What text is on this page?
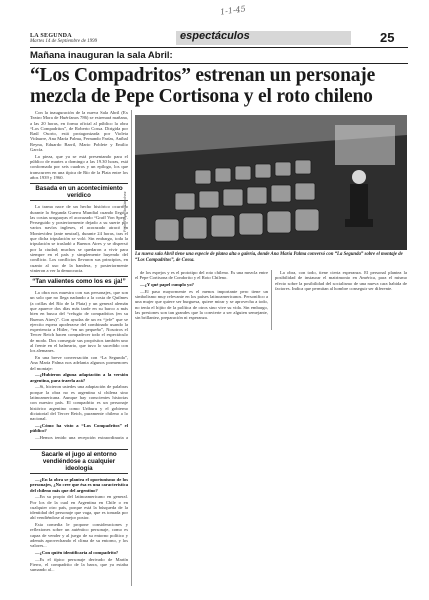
1-1-45
LA SEGUNDA
Martes 14 de Septiembre de 1999	espectáculos	25
Mañana inauguran la sala Abril:
“Los Compadritos” estrenan un personaje
mezcla de Pepe Cortisona y el roto chileno

Con la inauguración de la nueva Sala Abril (Ex Teatro Mora de Huérfanos 786) se estrenará mañana, a las 20 horas, en forma oficial al público la obra “Los Compadritos”, de Roberto Cossa. Dirigida por Raúl Osorio, está protagonizada por Violeta Vidaurre, Ana María Palma, Fernando Farías, Aníbal Reyna, Eduardo Barril, Mario Poblete y Emilio García.

La pieza, que ya se está presentando para el público de martes a domingo a las 19.30 horas, está conformada por seis cuadros y un epílogo, los que transcurren en una típica de Río de la Plata entre los años 1939 y 1960.

Basada en un acontecimiento verídico

La trama nace de un hecho histórico ocurrido durante la Segunda Guerra Mundial cuando llegó a las costas uruguayas el acorazado “Graff Von Spee”. Perseguido y posteriormente dejado a su suerte por varios navíos ingleses, el acorazado atracó en Montevideo (ante neutral), durante 24 horas, tras el que dicha tripulación se voló. Sin embargo, toda la tripulación se trasladó a Buenos Aires y se dispersó por la ciudad; muchos se quedaron a vivir para siempre en el país y simplemente huyendo del conflicto. Los conflictos llevaron sus principios, en cuanto al uso de la bandera, y posteriormente vinieron a ver la democracia.

“Tan valientes como los es ¡ja!”

La obra nos muestra con sus personajes, que son un solo que no llega nadando a la costa de Quilmes (a orillas del Río de la Plata) y un general alemán que aparece dos días más tarde en su barco a más bien en busca del “refugio de compadritos (en su Buenos Aires)”. Con ayudas de un ex “jefe” que se ejercito espera apoderarse del combinado usando la experiencia a Hitler, “en un pequeño”, Nosotros el Tercer Reich hacen compadecer todo el espectáculo de modo. Dos conseguir sus propósitos también uno al frente en el balneario, que tuvo lo sucedido con los alemanes.

En una breve conversación con “La Segunda”, Ana María Palma nos adelanta algunos pormenores del montaje:

—¿Hubieron alguna adaptación a la versión argentina, para traerla acá?

—Si, hicieron ustedes una adaptación de palabras porque la obra no es argentina sí chilena sino latinoamericana. Aunque hay conscientes historias con nuestro país. El compadrito es un personaje histórico argentino como Uriburu y el gobierno dictatorial del Tercer Reich, puramente chileno a lo nacional.

—¿Cómo ha visto a “Los Compadritos” el público?

—Hemos tenido una recepción extraordinaria a

Sacarle el jugo al entorno vendiéndose a cualquier ideología

—¿En la obra se plantea el oportunismo de los personajes, ¿No cree que ésa es una característica del chileno más que del argentino?

—En su propio del latinoamericano en general. Por los de la cual en Argentina en Chile o en cualquier otro país, porque está la búsqueda de la identidad del personaje que vaga, que es tomada por ahí vendiéndose al mejor postor.

Esta comedia le propone consideraciones y reflexiones sobre un auténtico personaje, como es capaz de vender y al juego de su entorno político y además aprovechando el clima de su entorno, y los valores...

—¿Con quién identificaría al compadrito?

—Es el típico personaje derivado de Martín Fierro, el compadrito de la barra, que ya estaba sumando al...

Foto: Ricardo Sánchez
La nueva sala Abril tiene una especie de platea alta o galería, donde Ana María Palma conversó con “La Segunda” sobre el montaje de “Los Compadritos”, de Cossa.

de los espejos y es el prototipo del roto chileno. Es una mezcla entre el Pepe Cortisona de Condorito y el Roto Chileno.

—¿Y qué papel cumplo yo?

—El paso mayormente es el menos importante pero tiene un simbolismo muy relevante en los países latinoamericanos. Personifico a una mujer que quiere ser burguesa, quiere mirar y se aprovecha a todo, no tenía el hijito de la política de otros sino vive su vida. Sin embargo, las presiones son tan grandes que la convierte a ser alguien semejante, sin brillantez, preparación ni esperanza.

La obra, con todo, tiene cierta esperanza. El personal plantea la posibilidad de instaurar el matrimonio en América, para el mismo efecto sobre la posibilidad del socialismo de una nueva cara habida de factores. Indica que permitan al hombre conseguir ser diferente.
